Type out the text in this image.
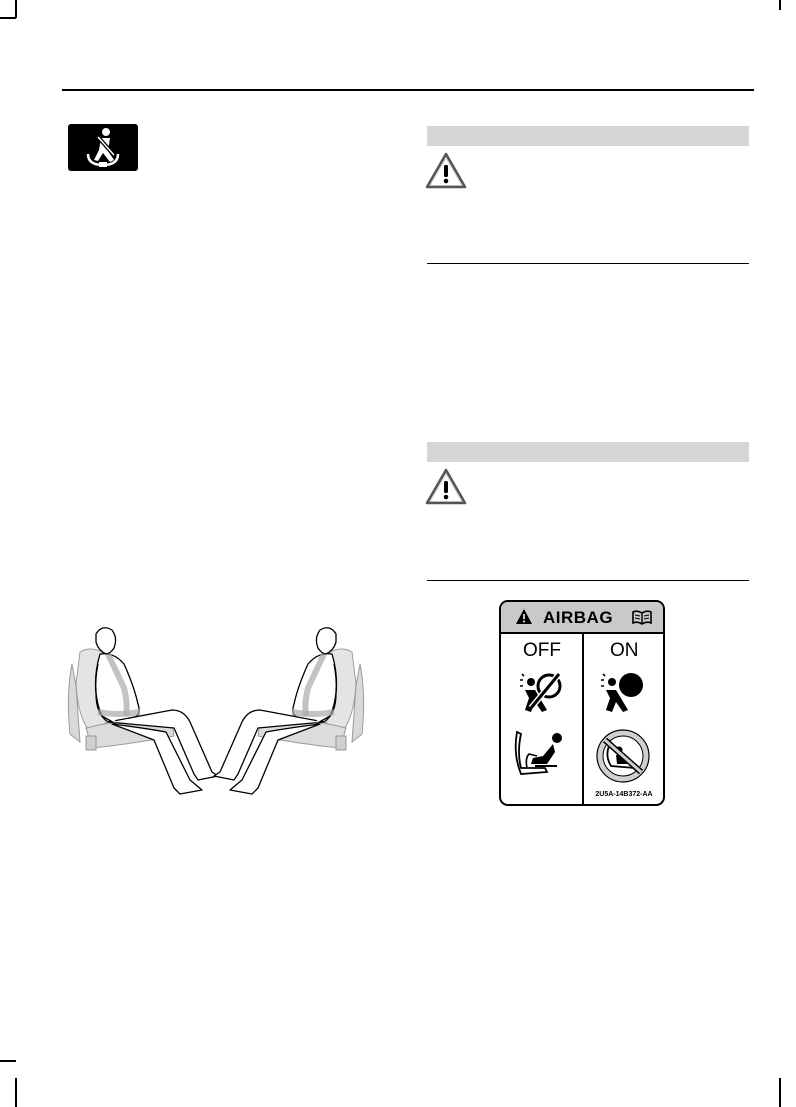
AIRBAG
OFF	ON
2U5A-14B372-AA
